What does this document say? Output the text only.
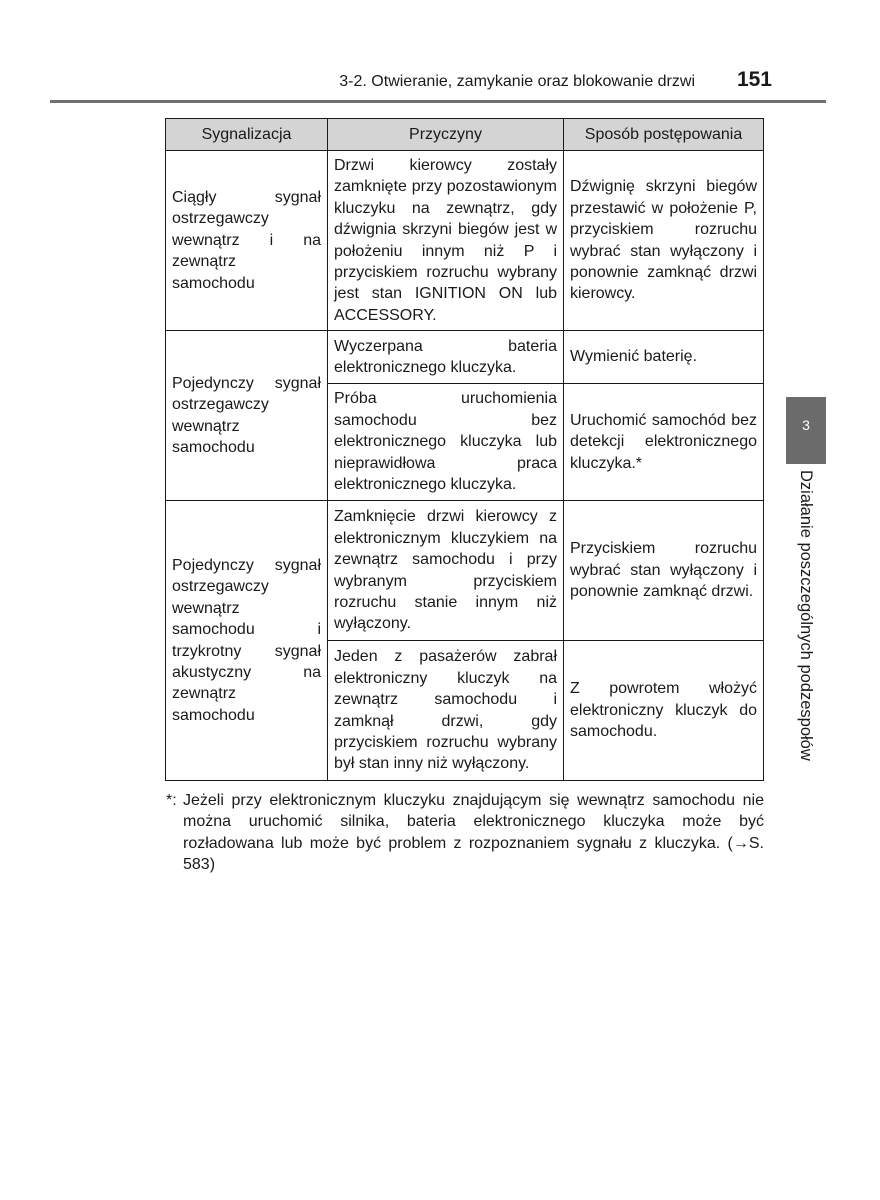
3-2. Otwieranie, zamykanie oraz blokowanie drzwi 151
Sygnalizacja	Przyczyny	Sposób postępowania
Ciągły sygnał ostrzegawczy wewnątrz i na zewnątrz samochodu	Drzwi kierowcy zostały zamknięte przy pozostawionym kluczyku na zewnątrz, gdy dźwignia skrzyni biegów jest w położeniu innym niż P i przyciskiem rozruchu wybrany jest stan IGNITION ON lub ACCESSORY.	Dźwignię skrzyni biegów przestawić w położenie P, przyciskiem rozruchu wybrać stan wyłączony i ponownie zamknąć drzwi kierowcy.
Pojedynczy sygnał ostrzegawczy wewnątrz samochodu	Wyczerpana bateria elektronicznego kluczyka.	Wymienić baterię.
	Próba uruchomienia samochodu bez elektronicznego kluczyka lub nieprawidłowa praca elektronicznego kluczyka.	Uruchomić samochód bez detekcji elektronicznego kluczyka.*
Pojedynczy sygnał ostrzegawczy wewnątrz samochodu i trzykrotny sygnał akustyczny na zewnątrz samochodu	Zamknięcie drzwi kierowcy z elektronicznym kluczykiem na zewnątrz samochodu i przy wybranym przyciskiem rozruchu stanie innym niż wyłączony.	Przyciskiem rozruchu wybrać stan wyłączony i ponownie zamknąć drzwi.
	Jeden z pasażerów zabrał elektroniczny kluczyk na zewnątrz samochodu i zamknął drzwi, gdy przyciskiem rozruchu wybrany był stan inny niż wyłączony.	Z powrotem włożyć elektroniczny kluczyk do samochodu.
*: Jeżeli przy elektronicznym kluczyku znajdującym się wewnątrz samochodu nie można uruchomić silnika, bateria elektronicznego kluczyka może być rozładowana lub może być problem z rozpoznaniem sygnału z kluczyka. (→S. 583)
3
Działanie poszczególnych podzespołów
